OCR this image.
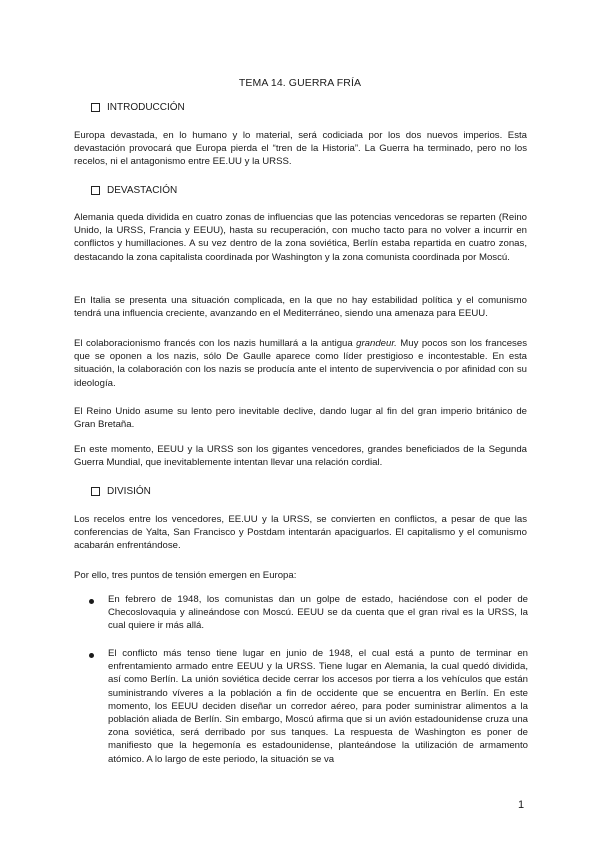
TEMA 14. GUERRA FRÍA
INTRODUCCIÓN

Europa devastada, en lo humano y lo material, será codiciada por los dos nuevos imperios. Esta devastación provocará que Europa pierda el “tren de la Historia”. La Guerra ha terminado, pero no los recelos, ni el antagonismo entre EE.UU y la URSS.

DEVASTACIÓN

Alemania queda dividida en cuatro zonas de influencias que las potencias vencedoras se reparten (Reino Unido, la URSS, Francia y EEUU), hasta su recuperación, con mucho tacto para no volver a incurrir en conflictos y humillaciones. A su vez dentro de la zona soviética, Berlín estaba repartida en cuatro zonas, destacando la zona capitalista coordinada por Washington y la zona comunista coordinada por Moscú.

En Italia se presenta una situación complicada, en la que no hay estabilidad política y el comunismo tendrá una influencia creciente, avanzando en el Mediterráneo, siendo una amenaza para EEUU.

El colaboracionismo francés con los nazis humillará a la antigua grandeur. Muy pocos son los franceses que se oponen a los nazis, sólo De Gaulle aparece como líder prestigioso e incontestable. En esta situación, la colaboración con los nazis se producía ante el intento de supervivencia o por afinidad con su ideología.

El Reino Unido asume su lento pero inevitable declive, dando lugar al fin del gran imperio británico de Gran Bretaña.

En este momento, EEUU y la URSS son los gigantes vencedores, grandes beneficiados de la Segunda Guerra Mundial, que inevitablemente intentan llevar una relación cordial.

DIVISIÓN

Los recelos entre los vencedores, EE.UU y la URSS, se convierten en conflictos, a pesar de que las conferencias de Yalta, San Francisco y Postdam intentarán apaciguarlos. El capitalismo y el comunismo acabarán enfrentándose.

Por ello, tres puntos de tensión emergen en Europa:

En febrero de 1948, los comunistas dan un golpe de estado, haciéndose con el poder de Checoslovaquia y alineándose con Moscú. EEUU se da cuenta que el gran rival es la URSS, la cual quiere ir más allá.

El conflicto más tenso tiene lugar en junio de 1948, el cual está a punto de terminar en enfrentamiento armado entre EEUU y la URSS. Tiene lugar en Alemania, la cual quedó dividida, así como Berlín. La unión soviética decide cerrar los accesos por tierra a los vehículos que están suministrando víveres a la población a fin de occidente que se encuentra en Berlín. En este momento, los EEUU deciden diseñar un corredor aéreo, para poder suministrar alimentos a la población aliada de Berlín. Sin embargo, Moscú afirma que si un avión estadounidense cruza una zona soviética, será derribado por sus tanques. La respuesta de Washington es poner de manifiesto que la hegemonía es estadounidense, planteándose la utilización de armamento atómico. A lo largo de este periodo, la situación se va

1
